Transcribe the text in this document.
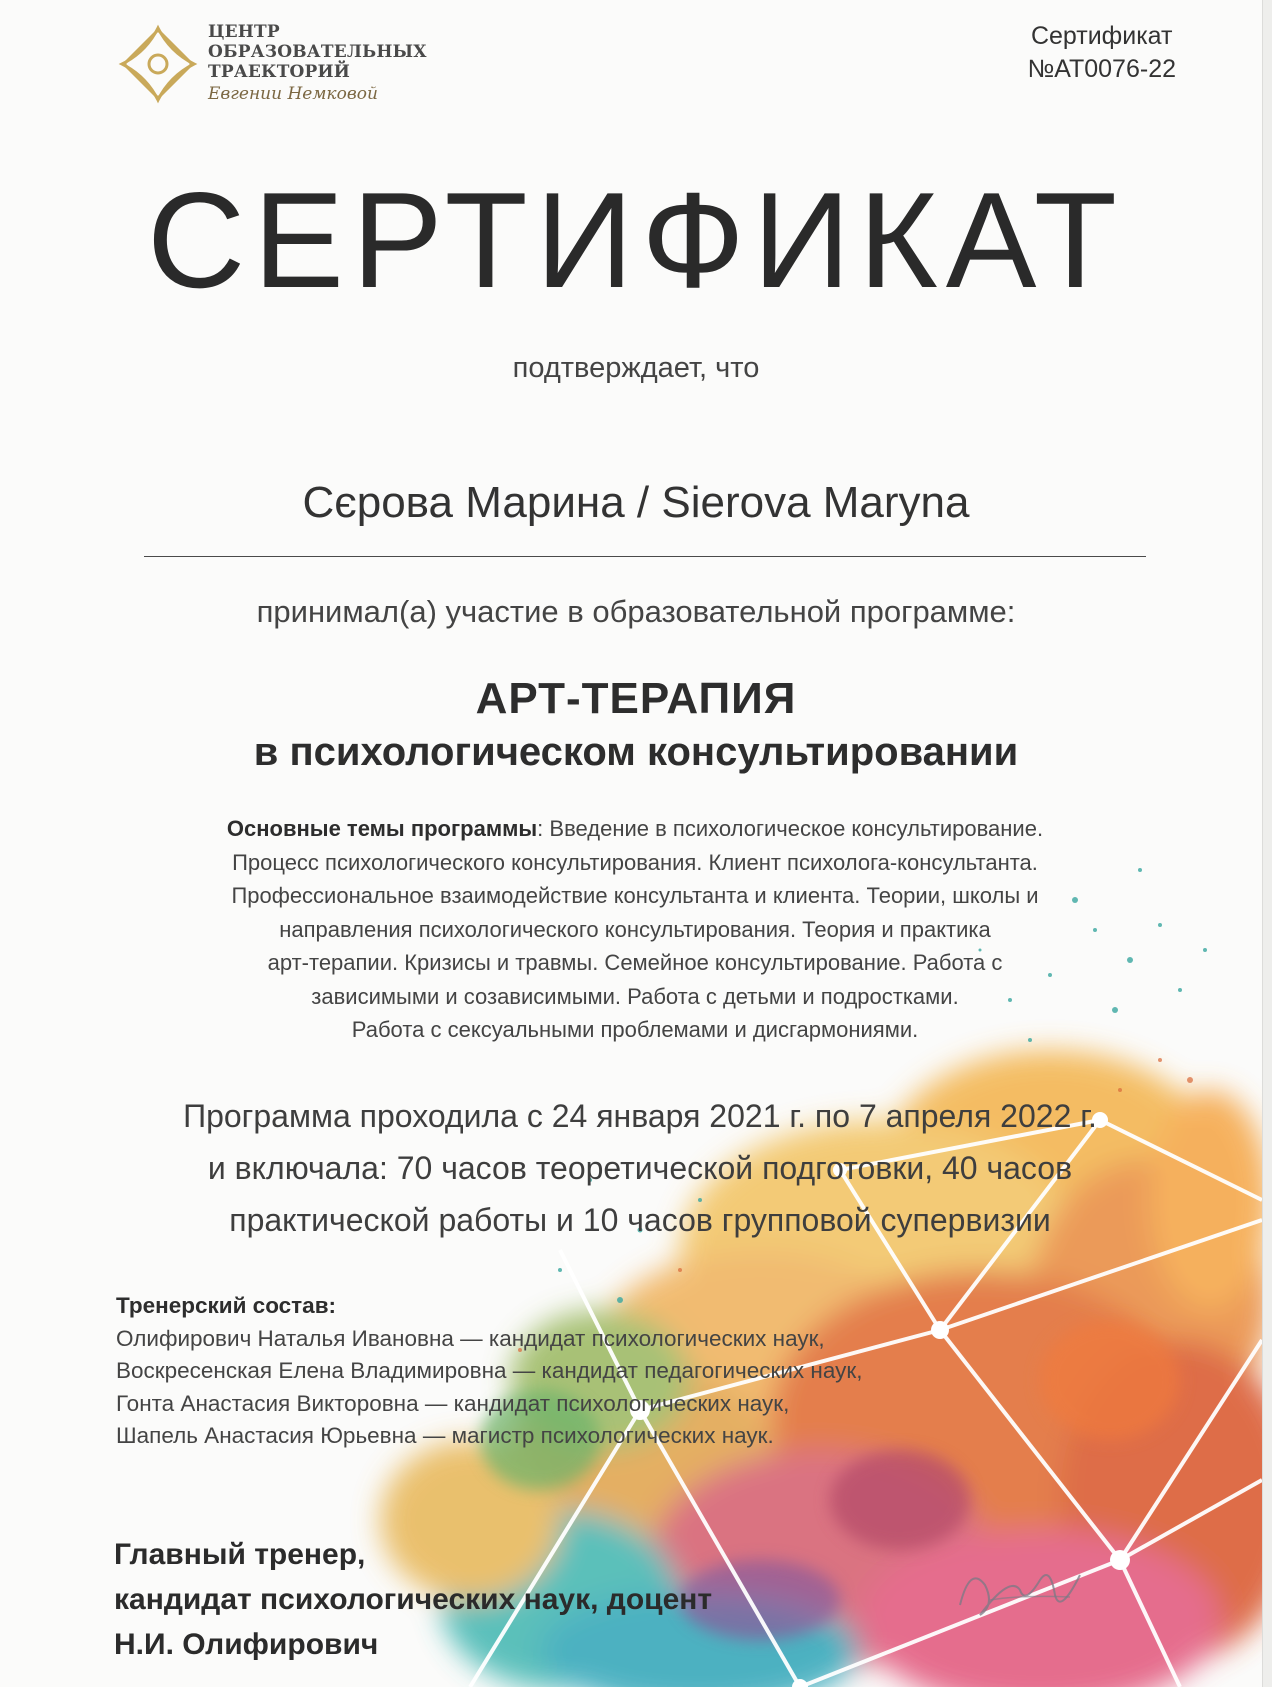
ЦЕНТР
ОБРАЗОВАТЕЛЬНЫХ
ТРАЕКТОРИЙ
Евгении Немковой
Сертификат
№АТ0076-22
СЕРТИФИКАТ
подтверждает, что
Сєрова Марина / Sierova Maryna
принимал(а) участие в образовательной программе:
АРТ-ТЕРАПИЯ
в психологическом консультировании
Основные темы программы: Введение в психологическое консультирование.
Процесс психологического консультирования. Клиент психолога-консультанта.
Профессиональное взаимодействие консультанта и клиента. Теории, школы и
направления психологического консультирования. Теория и практика
арт-терапии. Кризисы и травмы. Семейное консультирование. Работа с
зависимыми и созависимыми. Работа с детьми и подростками.
Работа с сексуальными проблемами и дисгармониями.
Программа проходила с 24 января 2021 г. по 7 апреля 2022 г.
и включала: 70 часов теоретической подготовки, 40 часов
практической работы и 10 часов групповой супервизии
Тренерский состав:
Олифирович Наталья Ивановна — кандидат психологических наук,
Воскресенская Елена Владимировна — кандидат педагогических наук,
Гонта Анастасия Викторовна — кандидат психологических наук,
Шапель Анастасия Юрьевна — магистр психологических наук.
Главный тренер,
кандидат психологических наук, доцент
Н.И. Олифирович
